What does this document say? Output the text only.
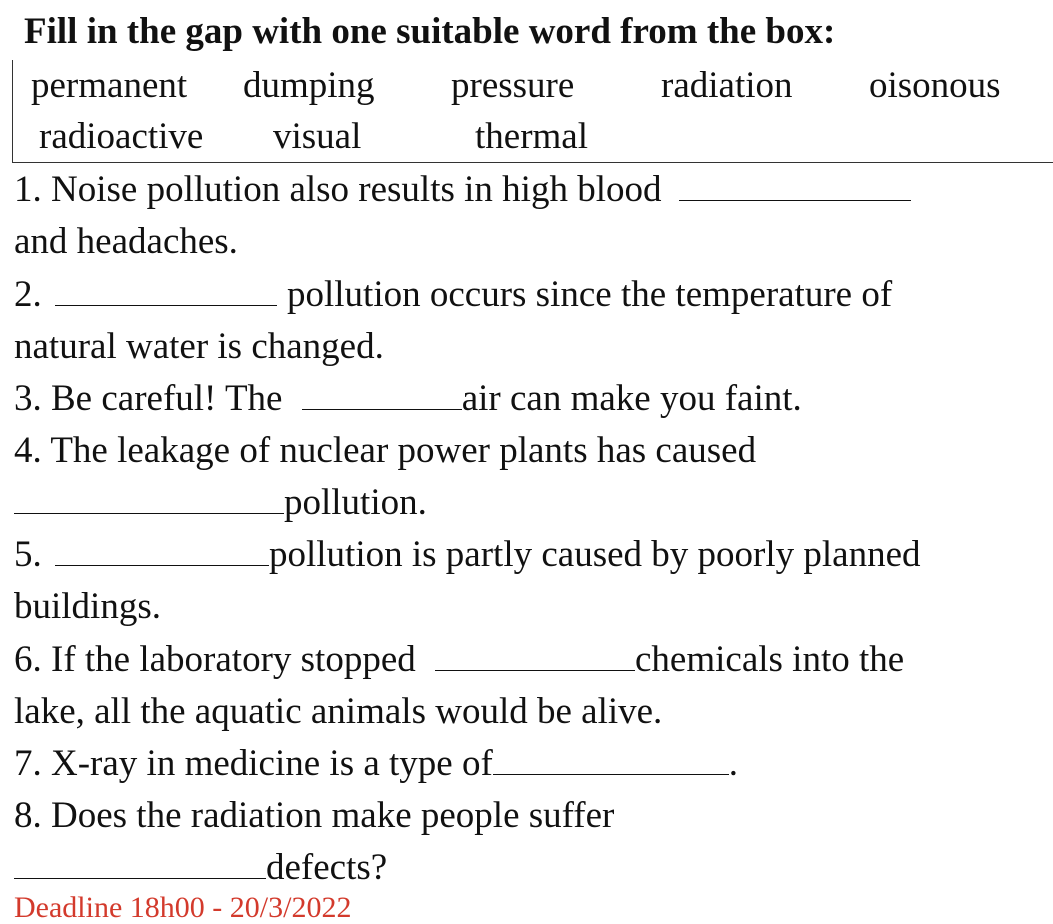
Fill in the gap with one suitable word from the box:
permanent dumping pressure radiation oisonous
radioactive visual	thermal
1. Noise pollution also results in high blood
and headaches.
2.	pollution occurs since the temperature of
natural water is changed.
3. Be careful! The	air can make you faint.
4. The leakage of nuclear power plants has caused
pollution.
5.	pollution is partly caused by poorly planned
buildings.
6. If the laboratory stopped	chemicals into the
lake, all the aquatic animals would be alive.
7. X-ray in medicine is a type of	.
8. Does the radiation make people suffer
defects?
Deadline 18h00 - 20/3/2022
